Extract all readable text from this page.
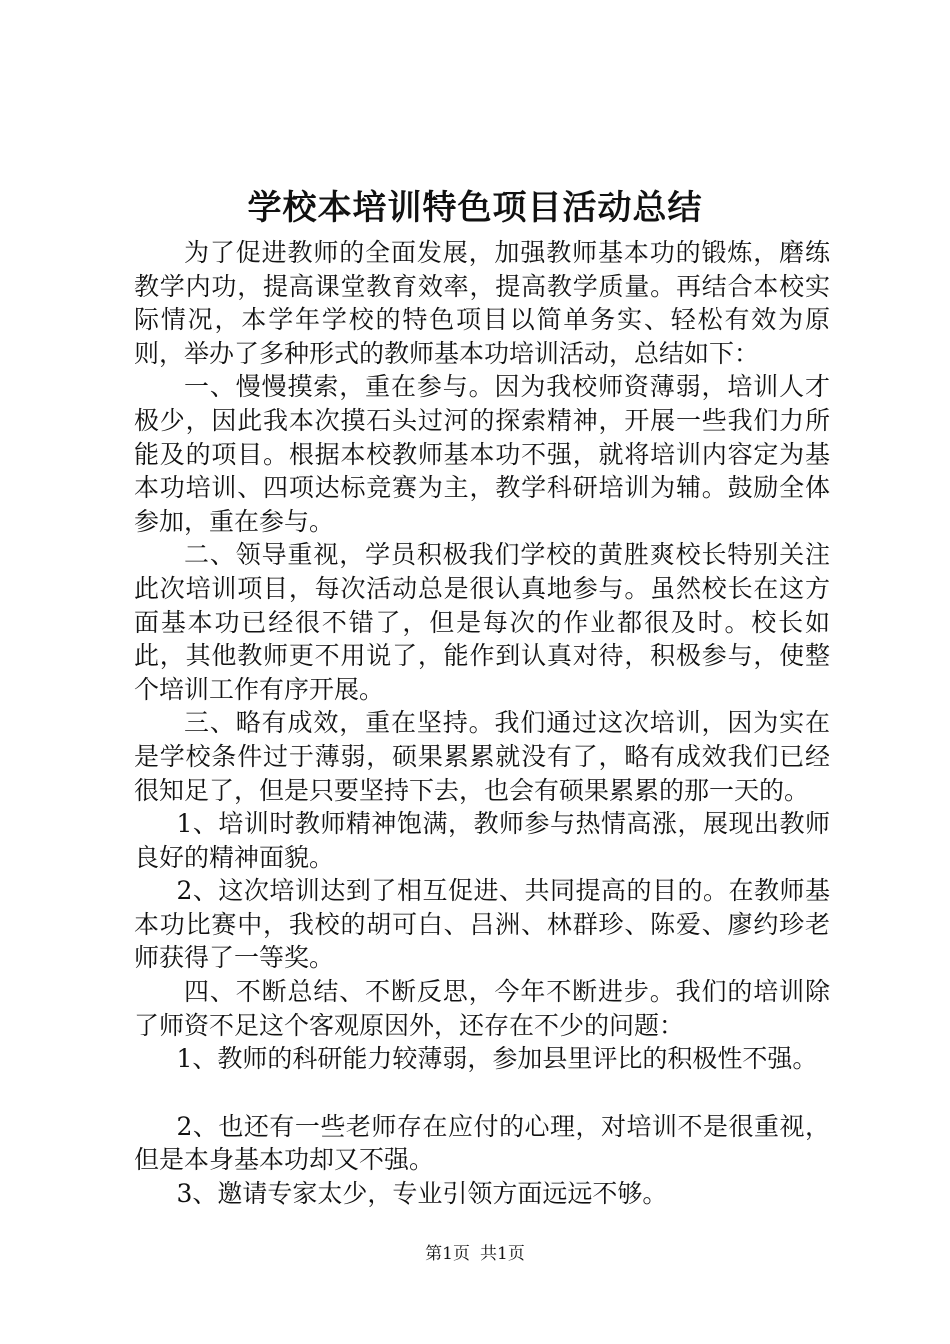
学校本培训特色项目活动总结

为了促进教师的全面发展，加强教师基本功的锻炼，磨练教学内功，提高课堂教育效率，提高教学质量。再结合本校实际情况，本学年学校的特色项目以简单务实、轻松有效为原则，举办了多种形式的教师基本功培训活动，总结如下：

一、慢慢摸索，重在参与。因为我校师资薄弱，培训人才极少，因此我本次摸石头过河的探索精神，开展一些我们力所能及的项目。根据本校教师基本功不强，就将培训内容定为基本功培训、四项达标竞赛为主，教学科研培训为辅。鼓励全体参加，重在参与。

二、领导重视，学员积极我们学校的黄胜爽校长特别关注此次培训项目，每次活动总是很认真地参与。虽然校长在这方面基本功已经很不错了，但是每次的作业都很及时。校长如此，其他教师更不用说了，能作到认真对待，积极参与，使整个培训工作有序开展。

三、略有成效，重在坚持。我们通过这次培训，因为实在是学校条件过于薄弱，硕果累累就没有了，略有成效我们已经很知足了，但是只要坚持下去，也会有硕果累累的那一天的。

1、培训时教师精神饱满，教师参与热情高涨，展现出教师良好的精神面貌。

2、这次培训达到了相互促进、共同提高的目的。在教师基本功比赛中，我校的胡可白、吕洲、林群珍、陈爱、廖约珍老师获得了一等奖。

四、不断总结、不断反思，今年不断进步。我们的培训除了师资不足这个客观原因外，还存在不少的问题：

1、教师的科研能力较薄弱，参加县里评比的积极性不强。

2、也还有一些老师存在应付的心理，对培训不是很重视，但是本身基本功却又不强。

3、邀请专家太少，专业引领方面远远不够。

第1页 共1页
